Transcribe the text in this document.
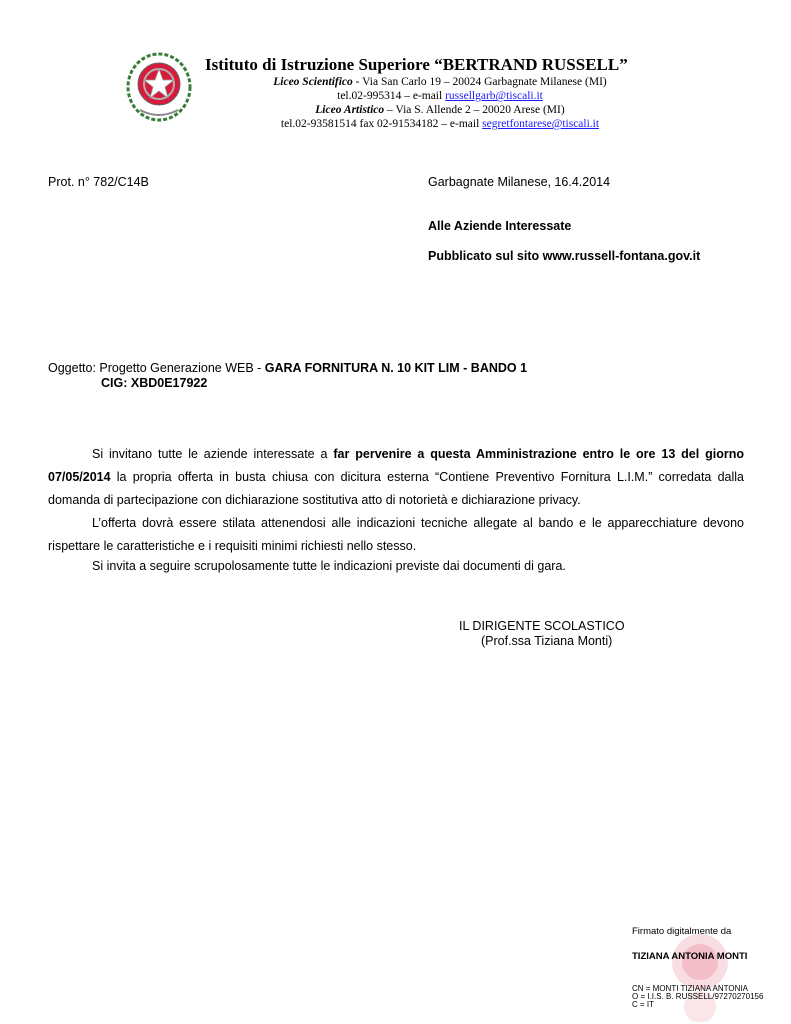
Istituto di Istruzione Superiore “BERTRAND RUSSELL”
Liceo Scientifico - Via San Carlo 19 – 20024 Garbagnate Milanese (MI)
tel.02-995314 – e-mail russellgarb@tiscali.it
Liceo Artistico – Via S. Allende 2 – 20020 Arese (MI)
tel.02-93581514 fax 02-91534182 – e-mail segretfontarese@tiscali.it
Prot. n° 782/C14B	Garbagnate Milanese, 16.4.2014
Alle Aziende Interessate
Pubblicato sul sito www.russell-fontana.gov.it
Oggetto: Progetto Generazione WEB - GARA FORNITURA N. 10 KIT LIM - BANDO 1
CIG: XBD0E17922
Si invitano tutte le aziende interessate a far pervenire a questa Amministrazione entro le ore 13 del giorno 07/05/2014 la propria offerta in busta chiusa con dicitura esterna “Contiene Preventivo Fornitura L.I.M.” corredata dalla domanda di partecipazione con dichiarazione sostitutiva atto di notorietà e dichiarazione privacy.
L’offerta dovrà essere stilata attenendosi alle indicazioni tecniche allegate al bando e le apparecchiature devono rispettare le caratteristiche e i requisiti minimi richiesti nello stesso.
Si invita a seguire scrupolosamente tutte le indicazioni previste dai documenti di gara.
IL DIRIGENTE SCOLASTICO
(Prof.ssa Tiziana Monti)
Firmato digitalmente da
TIZIANA ANTONIA MONTI
CN = MONTI TIZIANA ANTONIA
O = I.I.S. B. RUSSELL/97270270156
C = IT
